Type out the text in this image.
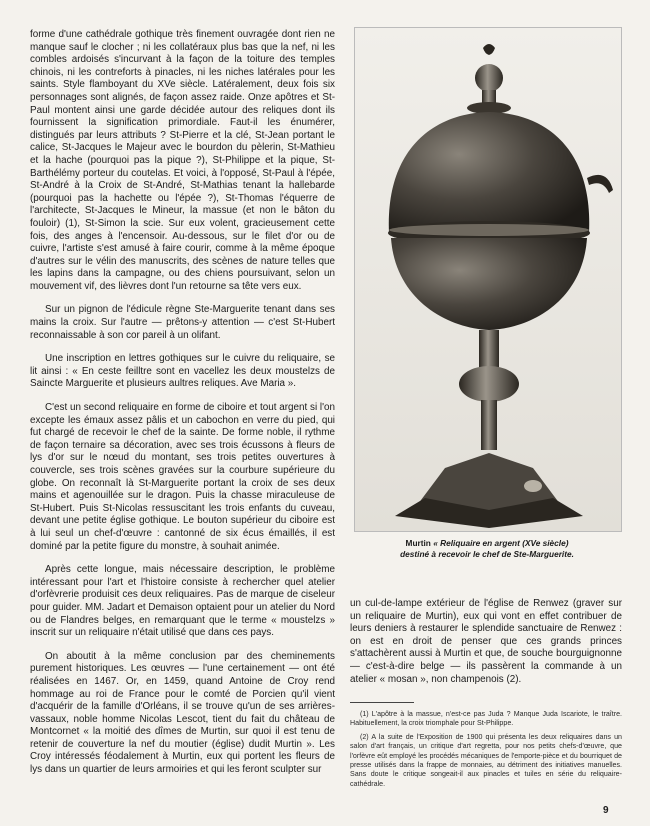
forme d'une cathédrale gothique très finement ouvragée dont rien ne manque sauf le clocher ; ni les collatéraux plus bas que la nef, ni les combles ardoisés s'incurvant à la façon de la toiture des temples chinois, ni les contreforts à pinacles, ni les niches latérales pour les saints. Style flamboyant du XVe siècle. Latéralement, deux fois six personnages sont alignés, de façon assez raide. Onze apôtres et St-Paul montent ainsi une garde décidée autour des reliques dont ils fournissent la signification primordiale. Faut-il les énumérer, distingués par leurs attributs ? St-Pierre et la clé, St-Jean portant le calice, St-Jacques le Majeur avec le bourdon du pèlerin, St-Mathieu et la hache (pourquoi pas la pique ?), St-Philippe et la pique, St-Barthélémy porteur du coutelas. Et voici, à l'opposé, St-Paul à l'épée, St-André à la Croix de St-André, St-Mathias tenant la hallebarde (pourquoi pas la hachette ou l'épée ?), St-Thomas l'équerre de l'architecte, St-Jacques le Mineur, la massue (et non le bâton du fouloir) (1), St-Simon la scie. Sur eux volent, gracieusement cette fois, des anges à l'encensoir. Au-dessous, sur le filet d'or ou de cuivre, l'artiste s'est amusé à faire courir, comme à la même époque d'autres sur le vélin des manuscrits, des scènes de nature telles que les lapins dans la campagne, ou des chiens poursuivant, selon un mouvement vif, des lièvres dont l'un retourne sa tête vers eux.

Sur un pignon de l'édicule règne Ste-Marguerite tenant dans ses mains la croix. Sur l'autre — prêtons-y attention — c'est St-Hubert reconnaissable à son cor pareil à un olifant.

Une inscription en lettres gothiques sur le cuivre du reliquaire, se lit ainsi : « En ceste feilltre sont en vacellez les deux moustelzs de Saincte Marguerite et plusieurs aultres reliques. Ave Maria ».

C'est un second reliquaire en forme de ciboire et tout argent si l'on excepte les émaux assez pâlis et un cabochon en verre du pied, qui fut chargé de recevoir le chef de la sainte. De forme noble, il rythme de façon ternaire sa décoration, avec ses trois écussons à fleurs de lys d'or sur le nœud du montant, ses trois petites ouvertures à couvercle, ses trois scènes gravées sur la courbure supérieure du globe. On reconnaît là St-Marguerite portant la croix de ses deux mains et agenouillée sur le dragon. Puis la chasse miraculeuse de St-Hubert. Puis St-Nicolas ressuscitant les trois enfants du cuveau, devant une petite église gothique. Le bouton supérieur du ciboire est à lui seul un chef-d'œuvre : cantonné de six écus émaillés, il est dominé par la petite figure du monstre, à souhait animée.

Après cette longue, mais nécessaire description, le problème intéressant pour l'art et l'histoire consiste à rechercher quel atelier d'orfèvrerie produisit ces deux reliquaires. Pas de marque de ciseleur pour guider. MM. Jadart et Demaison optaient pour un atelier du Nord ou de Flandres belges, en remarquant que le terme « moustelzs » inscrit sur un reliquaire n'était utilisé que dans ces pays.

On aboutit à la même conclusion par des cheminements purement historiques. Les œuvres — l'une certainement — ont été réalisées en 1467. Or, en 1459, quand Antoine de Croy rend hommage au roi de France pour le comté de Porcien qu'il vient d'acquérir de la famille d'Orléans, il se trouve qu'un de ses arrières-vassaux, noble homme Nicolas Lescot, tient du fait du château de Montcornet « la moitié des dîmes de Murtin, sur quoi il est tenu de retenir de couverture la nef du moutier (église) dudit Murtin ». Les Croy intéressés féodalement à Murtin, eux qui portent les fleurs de lys dans un quartier de leurs armoiries et qui les feront sculpter sur

Murtin « Reliquaire en argent (XVe siècle)
destiné à recevoir le chef de Ste-Marguerite.

un cul-de-lampe extérieur de l'église de Renwez (graver sur un reliquaire de Murtin), eux qui vont en effet contribuer de leurs deniers à restaurer le splendide sanctuaire de Renwez : on est en droit de penser que ces grands princes s'attachèrent aussi à Murtin et que, de souche bourguignonne — c'est-à-dire belge — ils passèrent la commande à un atelier « mosan », non champenois (2).

(1) L'apôtre à la massue, n'est-ce pas Juda ? Manque Juda Iscariote, le traître. Habituellement, la croix triomphale pour St-Philippe.

(2) A la suite de l'Exposition de 1900 qui présenta les deux reliquaires dans un salon d'art français, un critique d'art regretta, pour nos petits chefs-d'œuvre, que l'orfèvre eût employé les procédés mécaniques de l'emporte-pièce et du bourriquet de presse utilisés dans la frappe de monnaies, au détriment des initiatives manuelles. Sans doute le critique songeait-il aux pinacles et tuiles en série du reliquaire-cathédrale.

9
